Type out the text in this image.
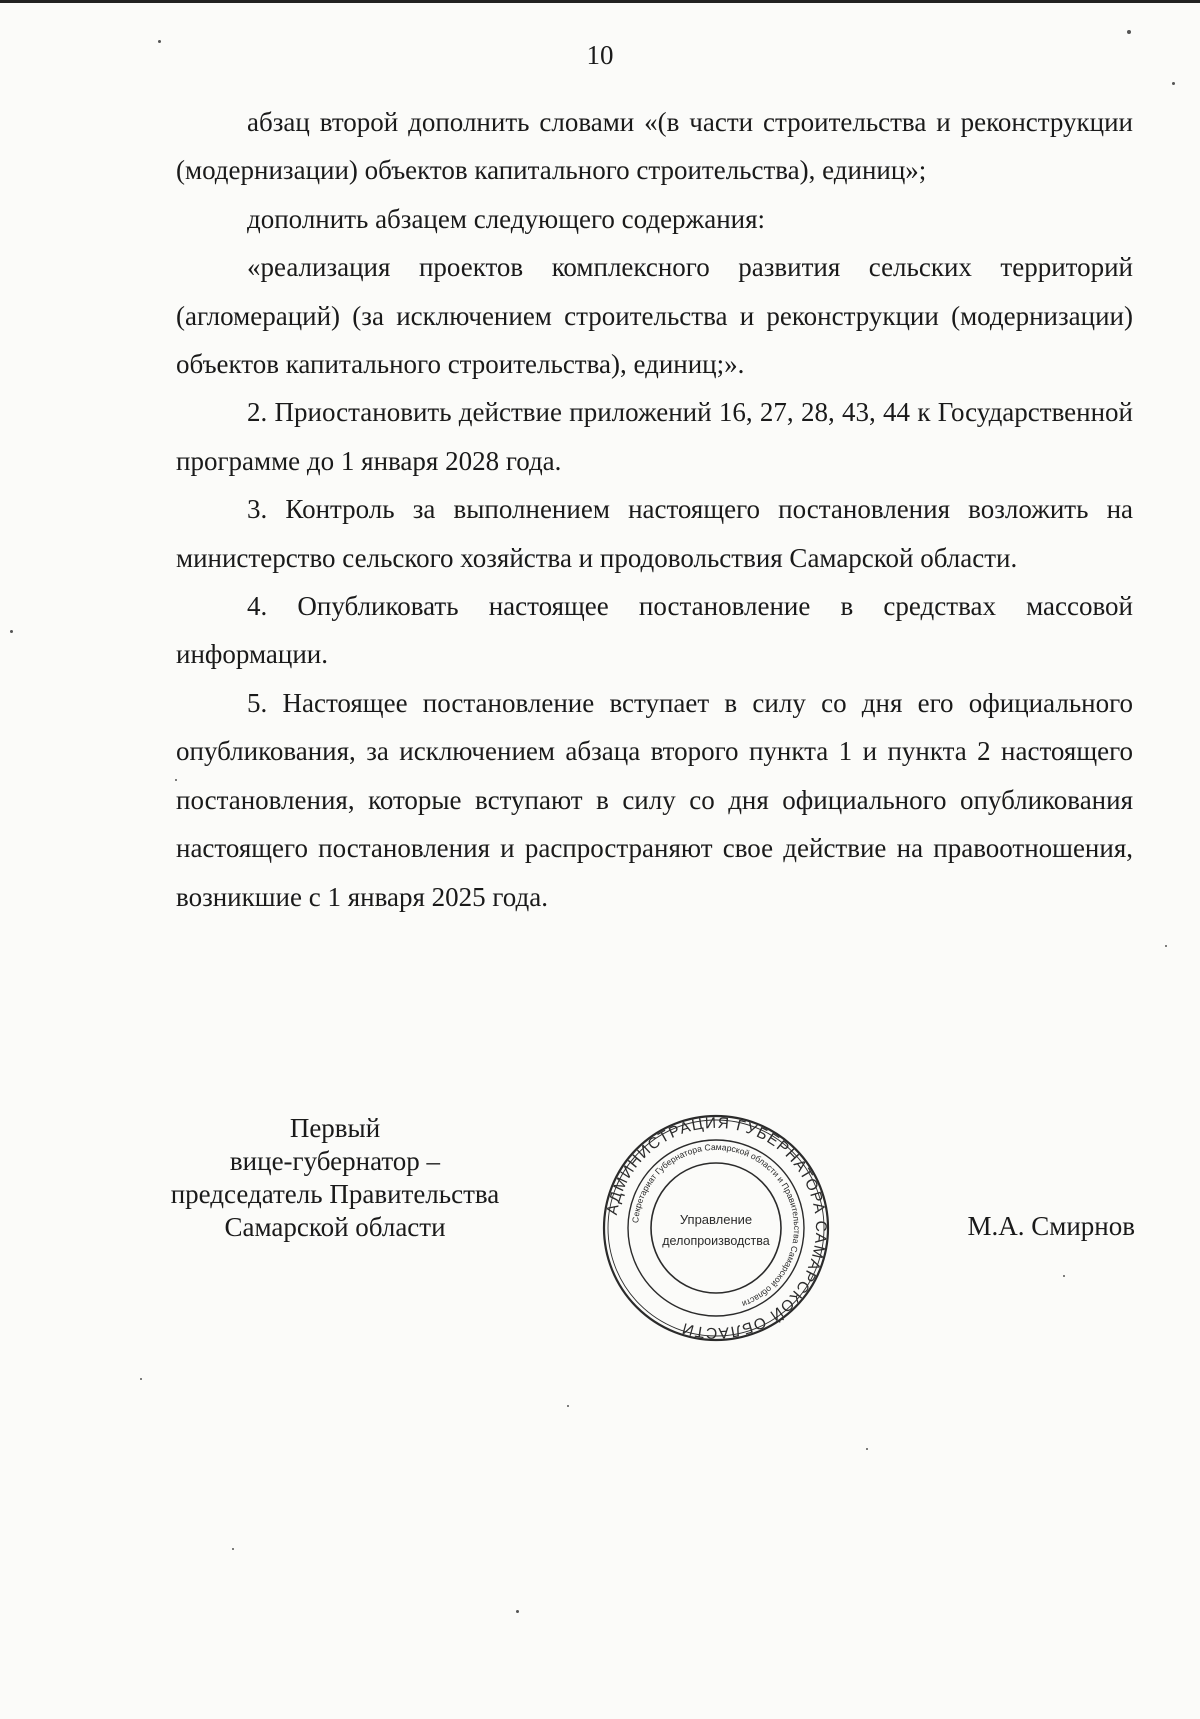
10

абзац второй дополнить словами «(в части строительства и реконструкции (модернизации) объектов капитального строительства), единиц»;

дополнить абзацем следующего содержания:

«реализация проектов комплексного развития сельских территорий (агломераций) (за исключением строительства и реконструкции (модернизации) объектов капитального строительства), единиц;».

2. Приостановить действие приложений 16, 27, 28, 43, 44 к Государственной программе до 1 января 2028 года.

3. Контроль за выполнением настоящего постановления возложить на министерство сельского хозяйства и продовольствия Самарской области.

4. Опубликовать настоящее постановление в средствах массовой информации.

5. Настоящее постановление вступает в силу со дня его официального опубликования, за исключением абзаца второго пункта 1 и пункта 2 настоящего постановления, которые вступают в силу со дня официального опубликования настоящего постановления и распространяют свое действие на правоотношения, возникшие с 1 января 2025 года.

Первый
вице-губернатор –
председатель Правительства
Самарской области
АДМИНИСТРАЦИЯ ГУБЕРНАТОРА САМАРСКОЙ ОБЛАСТИ
Секретариат Губернатора Самарской области и Правительства Самарской области
Управление
делопроизводства	М.А. Смирнов
